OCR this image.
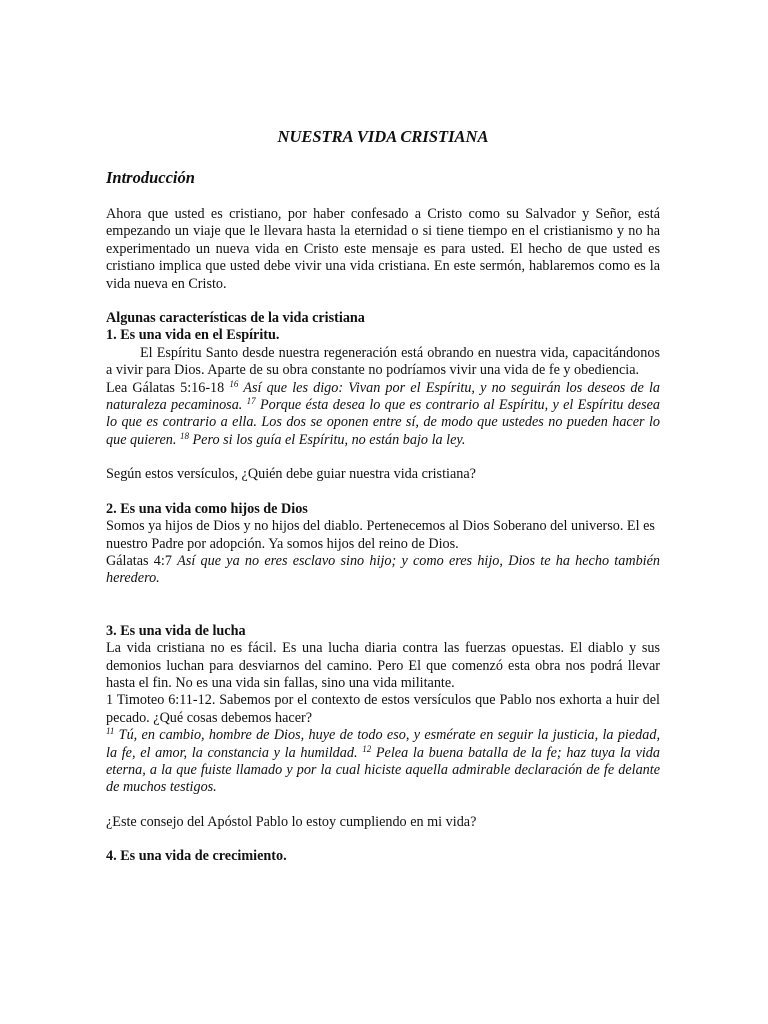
NUESTRA VIDA CRISTIANA
Introducción

Ahora que usted es cristiano, por haber confesado a Cristo como su Salvador y Señor, está empezando un viaje que le llevara hasta la eternidad o si tiene tiempo en el cristianismo y no ha experimentado un nueva vida en Cristo este mensaje es para usted. El hecho de que usted es cristiano implica que usted debe vivir una vida cristiana. En este sermón, hablaremos como es la vida nueva en Cristo.

Algunas características de la vida cristiana

1. Es una vida en el Espíritu.

El Espíritu Santo desde nuestra regeneración está obrando en nuestra vida, capacitándonos a vivir para Dios. Aparte de su obra constante no podríamos vivir una vida de fe y obediencia.

Lea Gálatas 5:16-18 $^{16}$ Así que les digo: Vivan por el Espíritu, y no seguirán los deseos de la naturaleza pecaminosa. $^{17}$ Porque ésta desea lo que es contrario al Espíritu, y el Espíritu desea lo que es contrario a ella. Los dos se oponen entre sí, de modo que ustedes no pueden hacer lo que quieren. $^{18}$ Pero si los guía el Espíritu, no están bajo la ley.

Según estos versículos, ¿Quién debe guiar nuestra vida cristiana?

2. Es una vida como hijos de Dios

Somos ya hijos de Dios y no hijos del diablo. Pertenecemos al Dios Soberano del universo. El es nuestro Padre por adopción. Ya somos hijos del reino de Dios.

Gálatas 4:7 Así que ya no eres esclavo sino hijo; y como eres hijo, Dios te ha hecho también heredero.

3. Es una vida de lucha

La vida cristiana no es fácil. Es una lucha diaria contra las fuerzas opuestas. El diablo y sus demonios luchan para desviarnos del camino. Pero El que comenzó esta obra nos podrá llevar hasta el fin. No es una vida sin fallas, sino una vida militante.

1 Timoteo 6:11-12. Sabemos por el contexto de estos versículos que Pablo nos exhorta a huir del pecado. ¿Qué cosas debemos hacer?

$^{11}$ Tú, en cambio, hombre de Dios, huye de todo eso, y esmérate en seguir la justicia, la piedad, la fe, el amor, la constancia y la humildad. $^{12}$ Pelea la buena batalla de la fe; haz tuya la vida eterna, a la que fuiste llamado y por la cual hiciste aquella admirable declaración de fe delante de muchos testigos.

¿Este consejo del Apóstol Pablo lo estoy cumpliendo en mi vida?

4. Es una vida de crecimiento.
